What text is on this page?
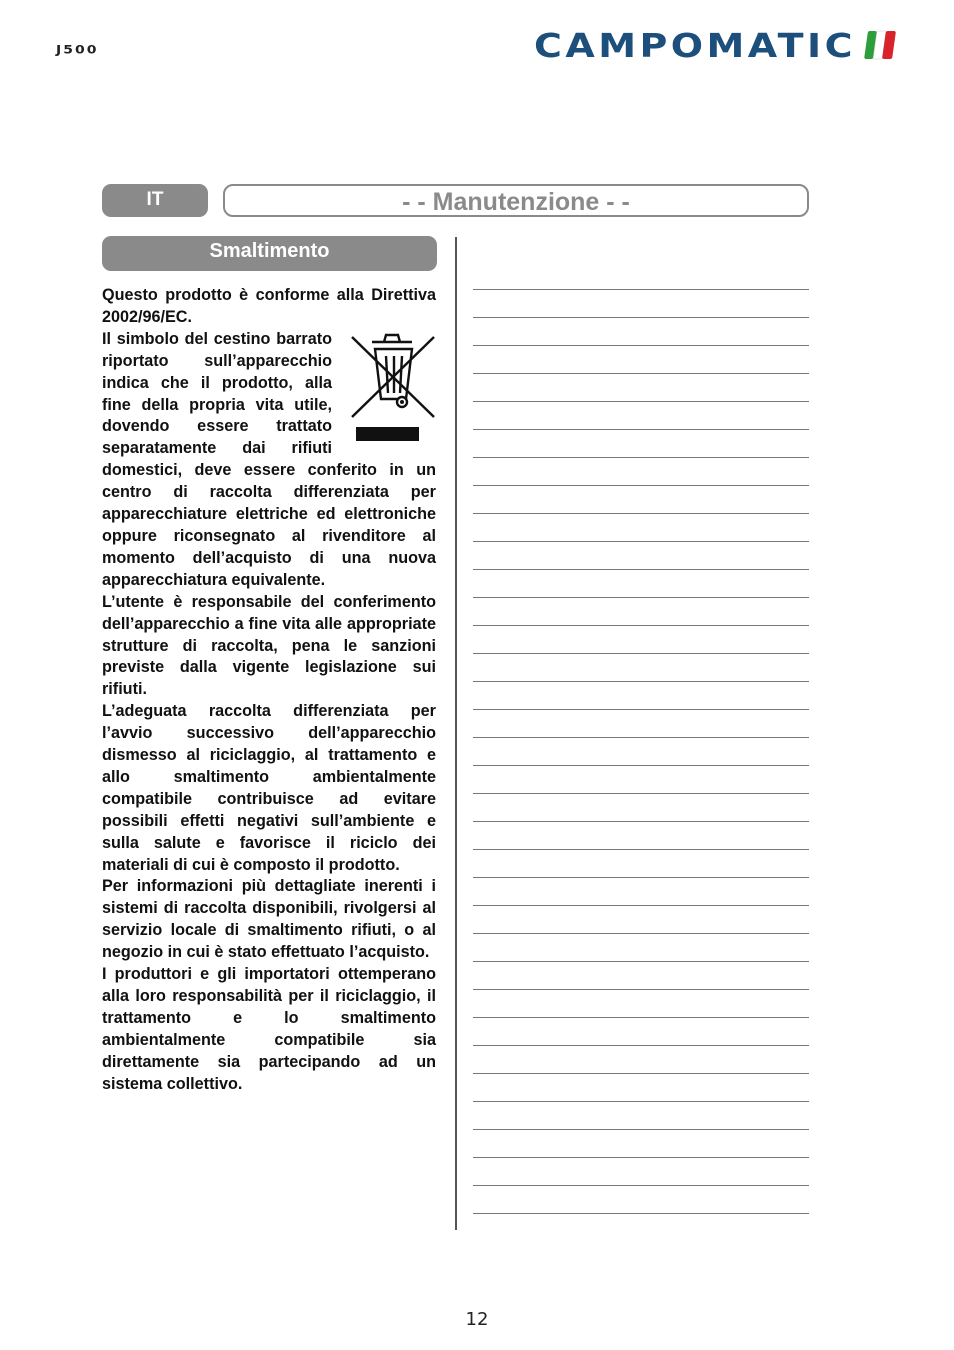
J500	CAMPOMATIC
IT	- - Manutenzione - -
Smaltimento

Questo prodotto è conforme alla Direttiva 2002/96/EC.

Il simbolo del cestino barrato riportato sull’apparecchio indica che il prodotto, alla fine della propria vita utile, dovendo essere trattato separatamente dai rifiuti domestici, deve essere conferito in un centro di raccolta differenziata per apparecchiature elettriche ed elettroniche oppure riconsegnato al rivenditore al momento dell’acquisto di una nuova apparecchiatura equivalente.

L’utente è responsabile del conferimento dell’apparecchio a fine vita alle appropriate strutture di raccolta, pena le sanzioni previste dalla vigente legislazione sui rifiuti.

L’adeguata raccolta differenziata per l’avvio successivo dell’apparecchio dismesso al riciclaggio, al trattamento e allo smaltimento ambientalmente compatibile contribuisce ad evitare possibili effetti negativi sull’ambiente e sulla salute e favorisce il riciclo dei materiali di cui è composto il prodotto.

Per informazioni più dettagliate inerenti i sistemi di raccolta disponibili, rivolgersi al servizio locale di smaltimento rifiuti, o al negozio in cui è stato effettuato l’acquisto.

I produttori e gli importatori ottemperano alla loro responsabilità per il riciclaggio, il trattamento e lo smaltimento ambientalmente compatibile sia direttamente sia partecipando ad un sistema collettivo.

12
